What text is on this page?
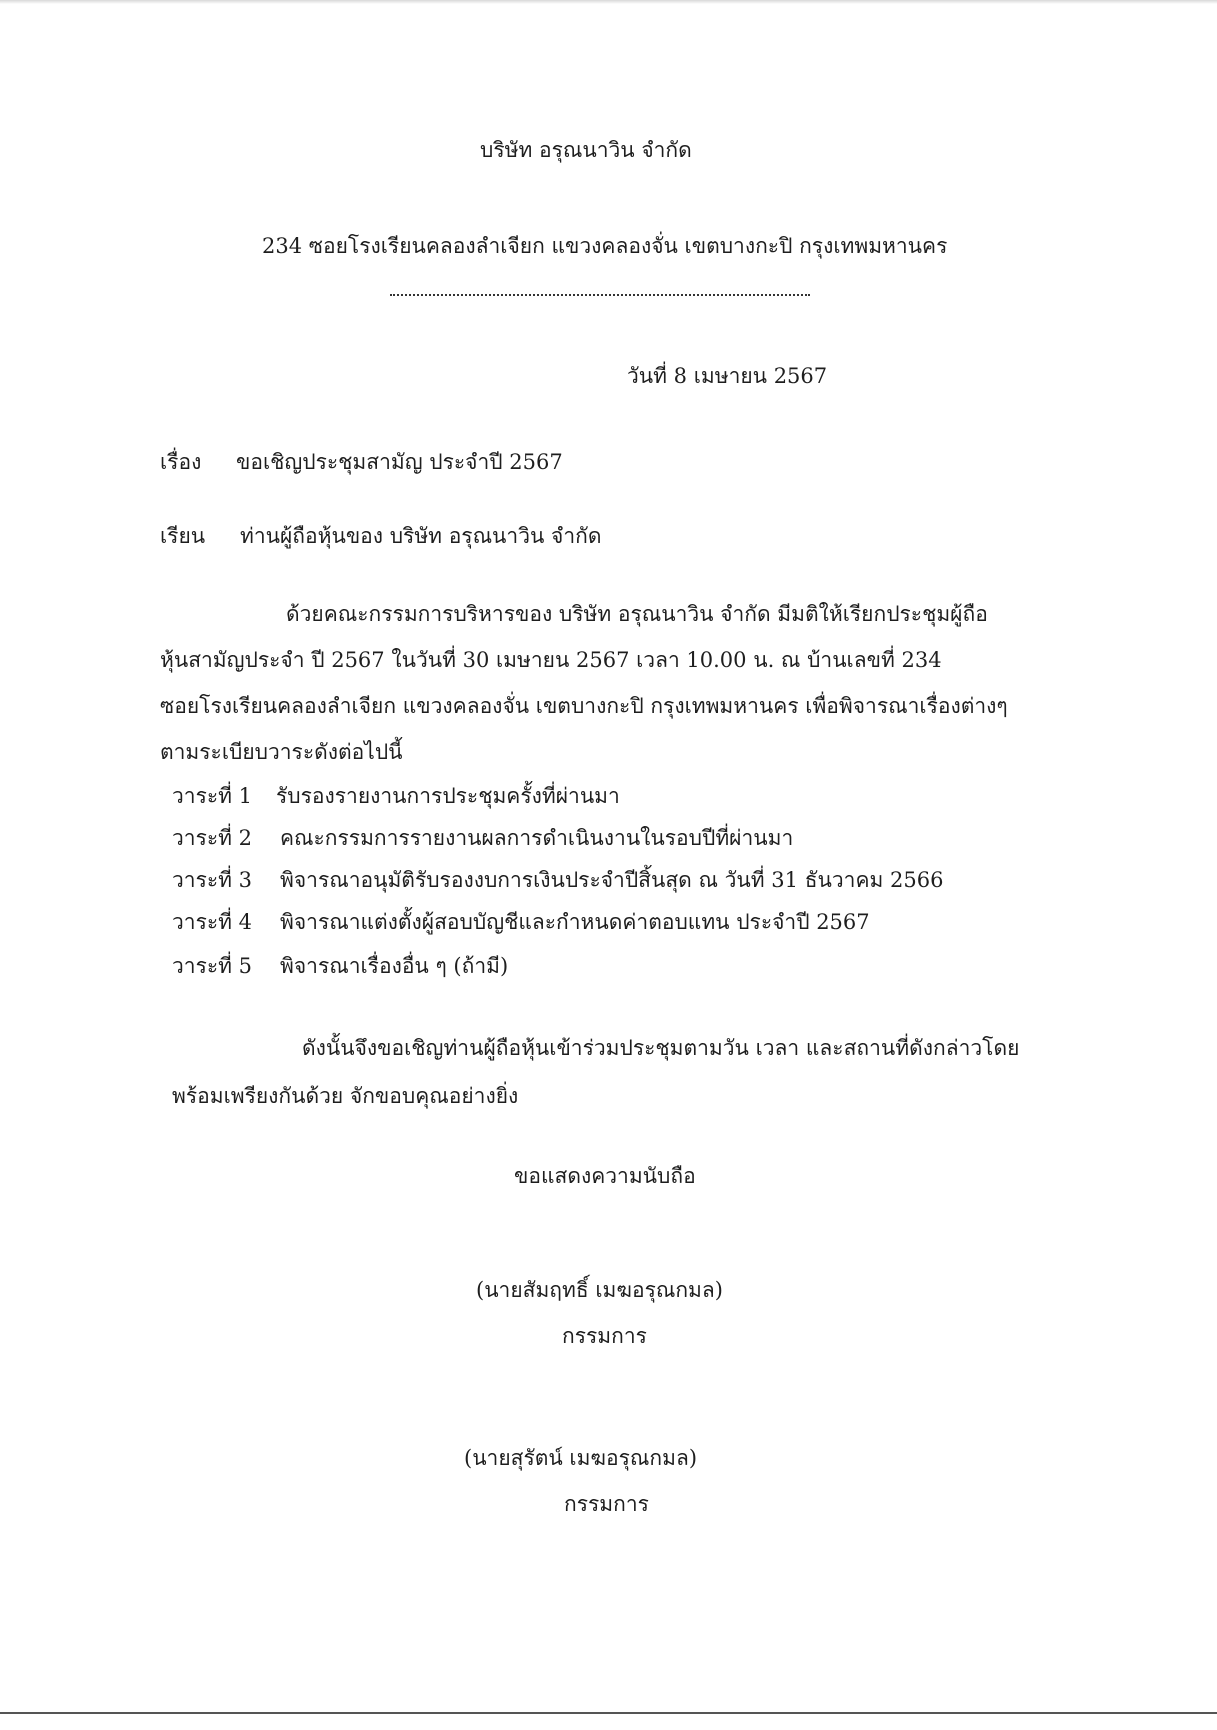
บริษัท อรุณนาวิน จำกัด
234 ซอยโรงเรียนคลองลำเจียก แขวงคลองจั่น เขตบางกะปิ กรุงเทพมหานคร
วันที่ 8 เมษายน 2567
เรื่อง ขอเชิญประชุมสามัญ ประจำปี 2567
เรียน ท่านผู้ถือหุ้นของ บริษัท อรุณนาวิน จำกัด
ด้วยคณะกรรมการบริหารของ บริษัท อรุณนาวิน จำกัด มีมติให้เรียกประชุมผู้ถือ
หุ้นสามัญประจำ ปี 2567 ในวันที่ 30 เมษายน 2567 เวลา 10.00 น. ณ บ้านเลขที่ 234
ซอยโรงเรียนคลองลำเจียก แขวงคลองจั่น เขตบางกะปิ กรุงเทพมหานคร เพื่อพิจารณาเรื่องต่างๆ
ตามระเบียบวาระดังต่อไปนี้
วาระที่ 1 รับรองรายงานการประชุมครั้งที่ผ่านมา
วาระที่ 2 คณะกรรมการรายงานผลการดำเนินงานในรอบปีที่ผ่านมา
วาระที่ 3 พิจารณาอนุมัติรับรองงบการเงินประจำปีสิ้นสุด ณ วันที่ 31 ธันวาคม 2566
วาระที่ 4 พิจารณาแต่งตั้งผู้สอบบัญชีและกำหนดค่าตอบแทน ประจำปี 2567
วาระที่ 5 พิจารณาเรื่องอื่น ๆ (ถ้ามี)
ดังนั้นจึงขอเชิญท่านผู้ถือหุ้นเข้าร่วมประชุมตามวัน เวลา และสถานที่ดังกล่าวโดย
พร้อมเพรียงกันด้วย จักขอบคุณอย่างยิ่ง
ขอแสดงความนับถือ
(นายสัมฤทธิ์ เมฆอรุณกมล)
กรรมการ
(นายสุรัตน์ เมฆอรุณกมล)
กรรมการ
